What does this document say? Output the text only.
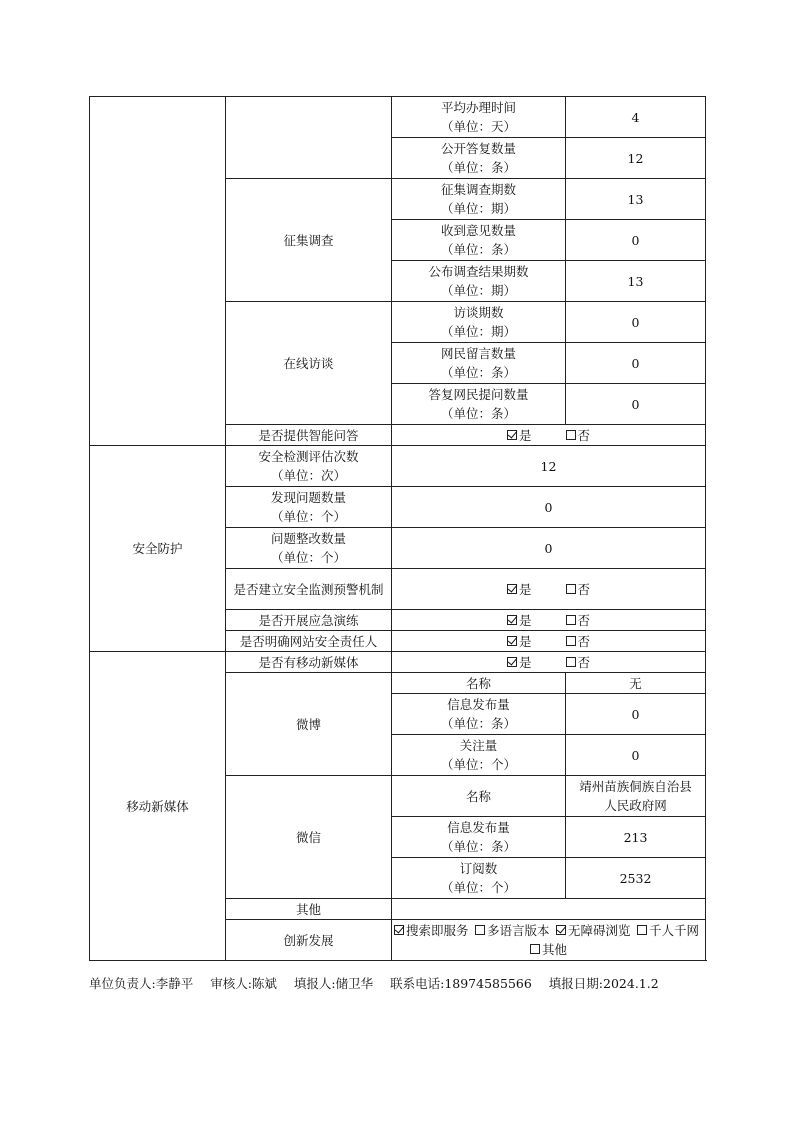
		平均办理时间
（单位：天）	4

		公开答复数量
（单位：条）	12
	征集调查	征集调查期数
（单位：期）	13

		收到意见数量
（单位：条）	0

		公布调查结果期数
（单位：期）	13
	在线访谈	访谈期数
（单位：期）	0

		网民留言数量
（单位：条）	0

		答复网民提问数量
（单位：条）	0
	是否提供智能问答	是 否	

安全防护	安全检测评估次数
（单位：次）	12	

	发现问题数量
（单位：个）	0	

	问题整改数量
（单位：个）	0	
	是否建立安全监测预警机制	是 否	

	是否开展应急演练	是 否	

	是否明确网站安全责任人	是 否	

移动新媒体	是否有移动新媒体	是 否	

	微博	名称	无

		信息发布量
（单位：条）	0

		关注量
（单位：个）	0
	微信	名称	靖州苗族侗族自治县
人民政府网

		信息发布量
（单位：条）	213

		订阅数
（单位：个）	2532
	其他		
	创新发展	搜索即服务 多语言版本 无障碍浏览 千人千网
其他	
单位负责人:李静平 审核人:陈斌 填报人:储卫华 联系电话:18974585566 填报日期:2024.1.2
